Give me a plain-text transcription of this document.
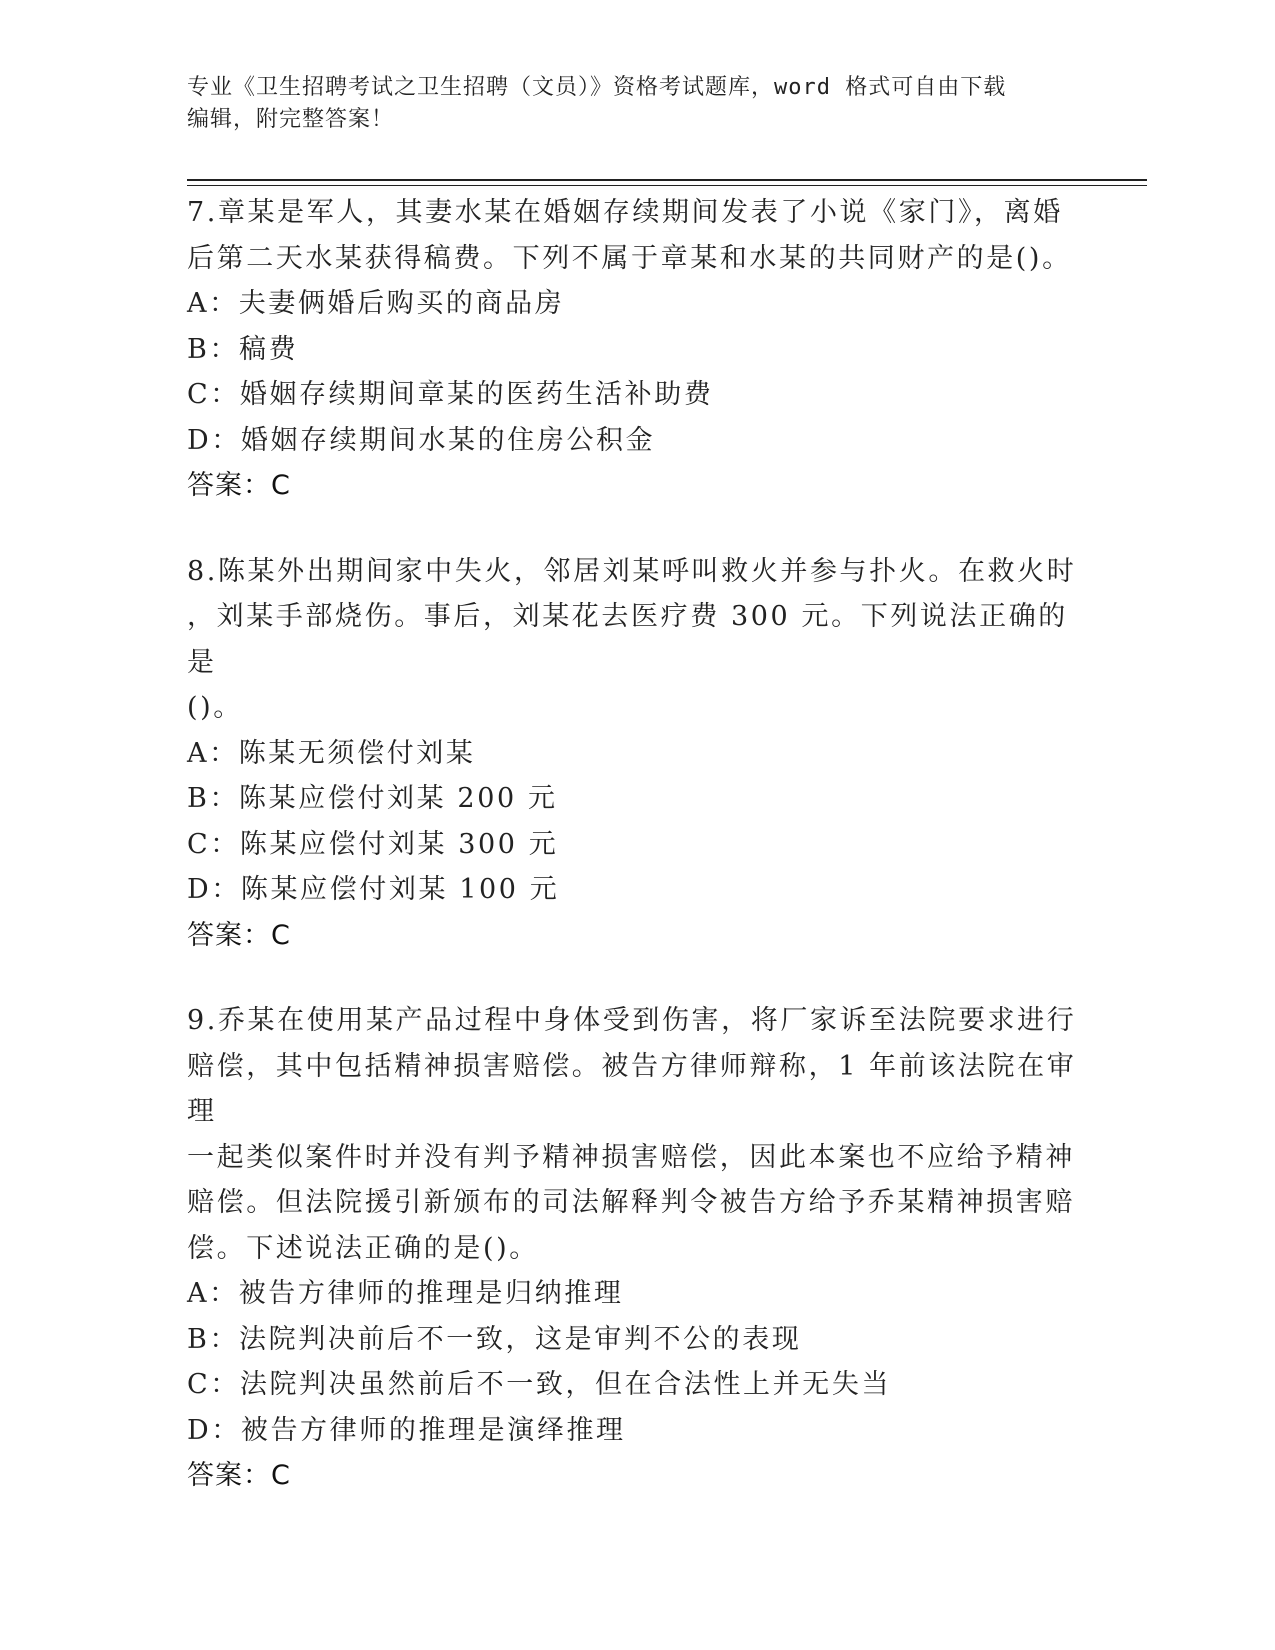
专业《卫生招聘考试之卫生招聘（文员）》资格考试题库，word 格式可自由下载

编辑，附完整答案！

7.章某是军人，其妻水某在婚姻存续期间发表了小说《家门》，离婚

后第二天水某获得稿费。下列不属于章某和水某的共同财产的是()。

A：夫妻俩婚后购买的商品房

B：稿费

C：婚姻存续期间章某的医药生活补助费

D：婚姻存续期间水某的住房公积金

答案：C

8.陈某外出期间家中失火，邻居刘某呼叫救火并参与扑火。在救火时

，刘某手部烧伤。事后，刘某花去医疗费 300 元。下列说法正确的是

()。

A：陈某无须偿付刘某

B：陈某应偿付刘某 200 元

C：陈某应偿付刘某 300 元

D：陈某应偿付刘某 100 元

答案：C

9.乔某在使用某产品过程中身体受到伤害，将厂家诉至法院要求进行

赔偿，其中包括精神损害赔偿。被告方律师辩称，1 年前该法院在审理

一起类似案件时并没有判予精神损害赔偿，因此本案也不应给予精神

赔偿。但法院援引新颁布的司法解释判令被告方给予乔某精神损害赔

偿。下述说法正确的是()。

A：被告方律师的推理是归纳推理

B：法院判决前后不一致，这是审判不公的表现

C：法院判决虽然前后不一致，但在合法性上并无失当

D：被告方律师的推理是演绎推理

答案：C
